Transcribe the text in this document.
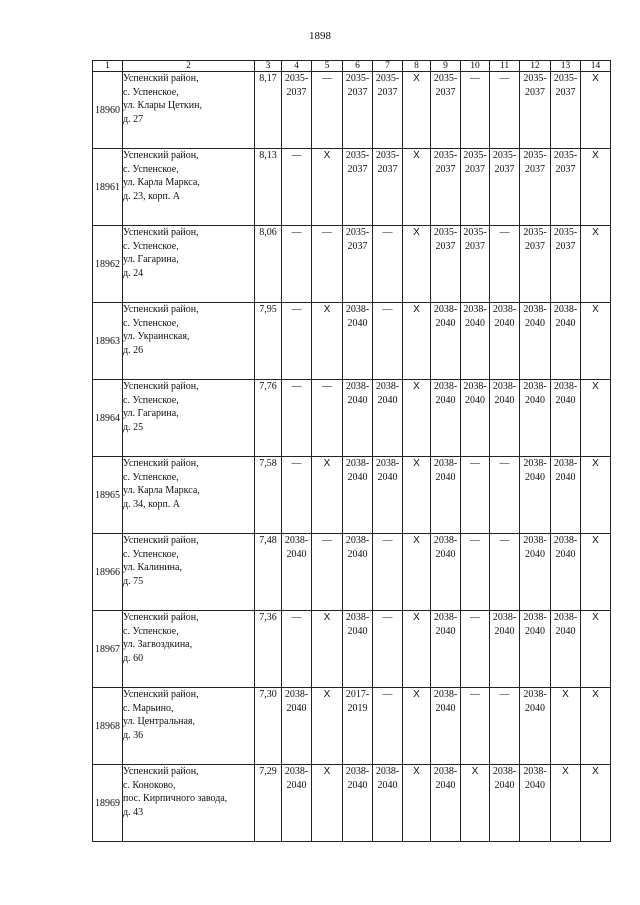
1898
1	2	3	4	5	6	7	8	9	10	11	12	13	14
18960	Успенский район,
с. Успенское,
ул. Клары Цеткин,
д. 27	8,17	2035-2037	—	2035-2037	2035-2037	X	2035-2037	—	—	2035-2037	2035-2037	X
18961	Успенский район,
с. Успенское,
ул. Карла Маркса,
д. 23, корп. А	8,13	—	X	2035-2037	2035-2037	X	2035-2037	2035-2037	2035-2037	2035-2037	2035-2037	X
18962	Успенский район,
с. Успенское,
ул. Гагарина,
д. 24	8,06	—	—	2035-2037	—	X	2035-2037	2035-2037	—	2035-2037	2035-2037	X
18963	Успенский район,
с. Успенское,
ул. Украинская,
д. 26	7,95	—	X	2038-2040	—	X	2038-2040	2038-2040	2038-2040	2038-2040	2038-2040	X
18964	Успенский район,
с. Успенское,
ул. Гагарина,
д. 25	7,76	—	—	2038-2040	2038-2040	X	2038-2040	2038-2040	2038-2040	2038-2040	2038-2040	X
18965	Успенский район,
с. Успенское,
ул. Карла Маркса,
д. 34, корп. А	7,58	—	X	2038-2040	2038-2040	X	2038-2040	—	—	2038-2040	2038-2040	X
18966	Успенский район,
с. Успенское,
ул. Калинина,
д. 75	7,48	2038-2040	—	2038-2040	—	X	2038-2040	—	—	2038-2040	2038-2040	X
18967	Успенский район,
с. Успенское,
ул. Загвоздкина,
д. 60	7,36	—	X	2038-2040	—	X	2038-2040	—	2038-2040	2038-2040	2038-2040	X
18968	Успенский район,
с. Марьино,
ул. Центральная,
д. 36	7,30	2038-2040	X	2017-2019	—	X	2038-2040	—	—	2038-2040	X	X
18969	Успенский район,
с. Коноково,
пос. Кирпичного завода,
д. 43	7,29	2038-2040	X	2038-2040	2038-2040	X	2038-2040	X	2038-2040	2038-2040	X	X
